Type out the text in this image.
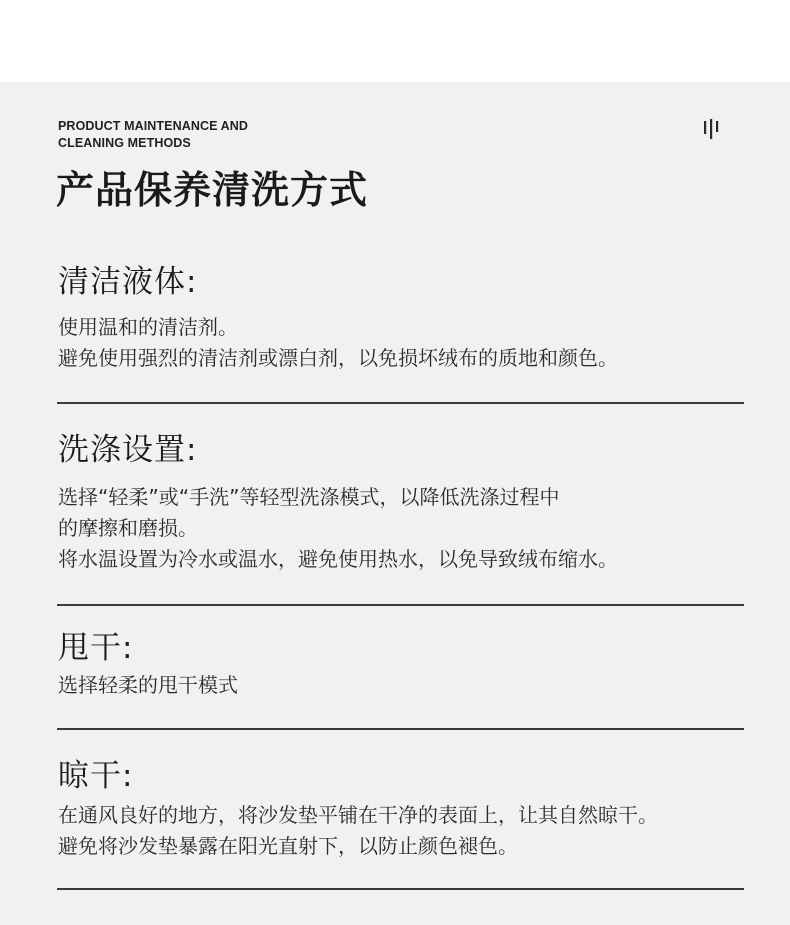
PRODUCT MAINTENANCE AND
CLEANING METHODS
产品保养清洗方式
清洁液体:
使用温和的清洁剂。
避免使用强烈的清洁剂或漂白剂，以免损坏绒布的质地和颜色。
洗涤设置:
选择“轻柔”或“手洗”等轻型洗涤模式，以降低洗涤过程中
的摩擦和磨损。
将水温设置为冷水或温水，避免使用热水，以免导致绒布缩水。
甩干:
选择轻柔的甩干模式
晾干:
在通风良好的地方，将沙发垫平铺在干净的表面上，让其自然晾干。
避免将沙发垫暴露在阳光直射下，以防止颜色褪色。
